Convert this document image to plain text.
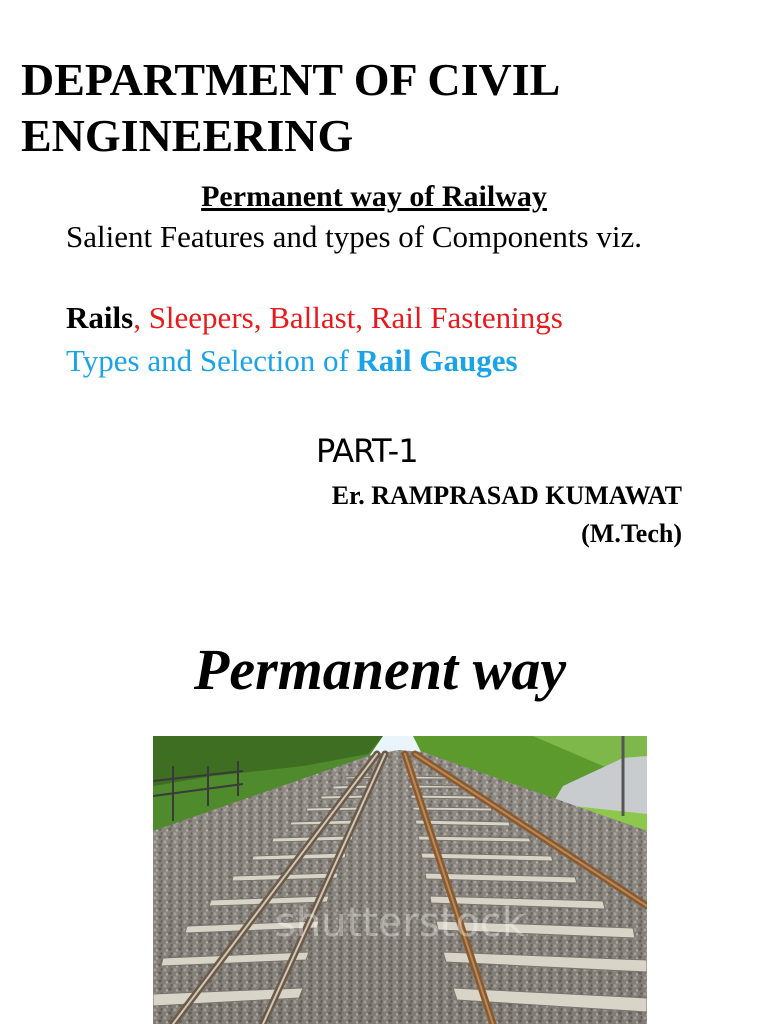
DEPARTMENT OF CIVIL
ENGINEERING
Permanent way of Railway
Salient Features and types of Components viz.
Rails, Sleepers, Ballast, Rail Fastenings
Types and Selection of Rail Gauges
PART-1
Er. RAMPRASAD KUMAWAT
(M.Tech)
Permanent way
shutterstock
